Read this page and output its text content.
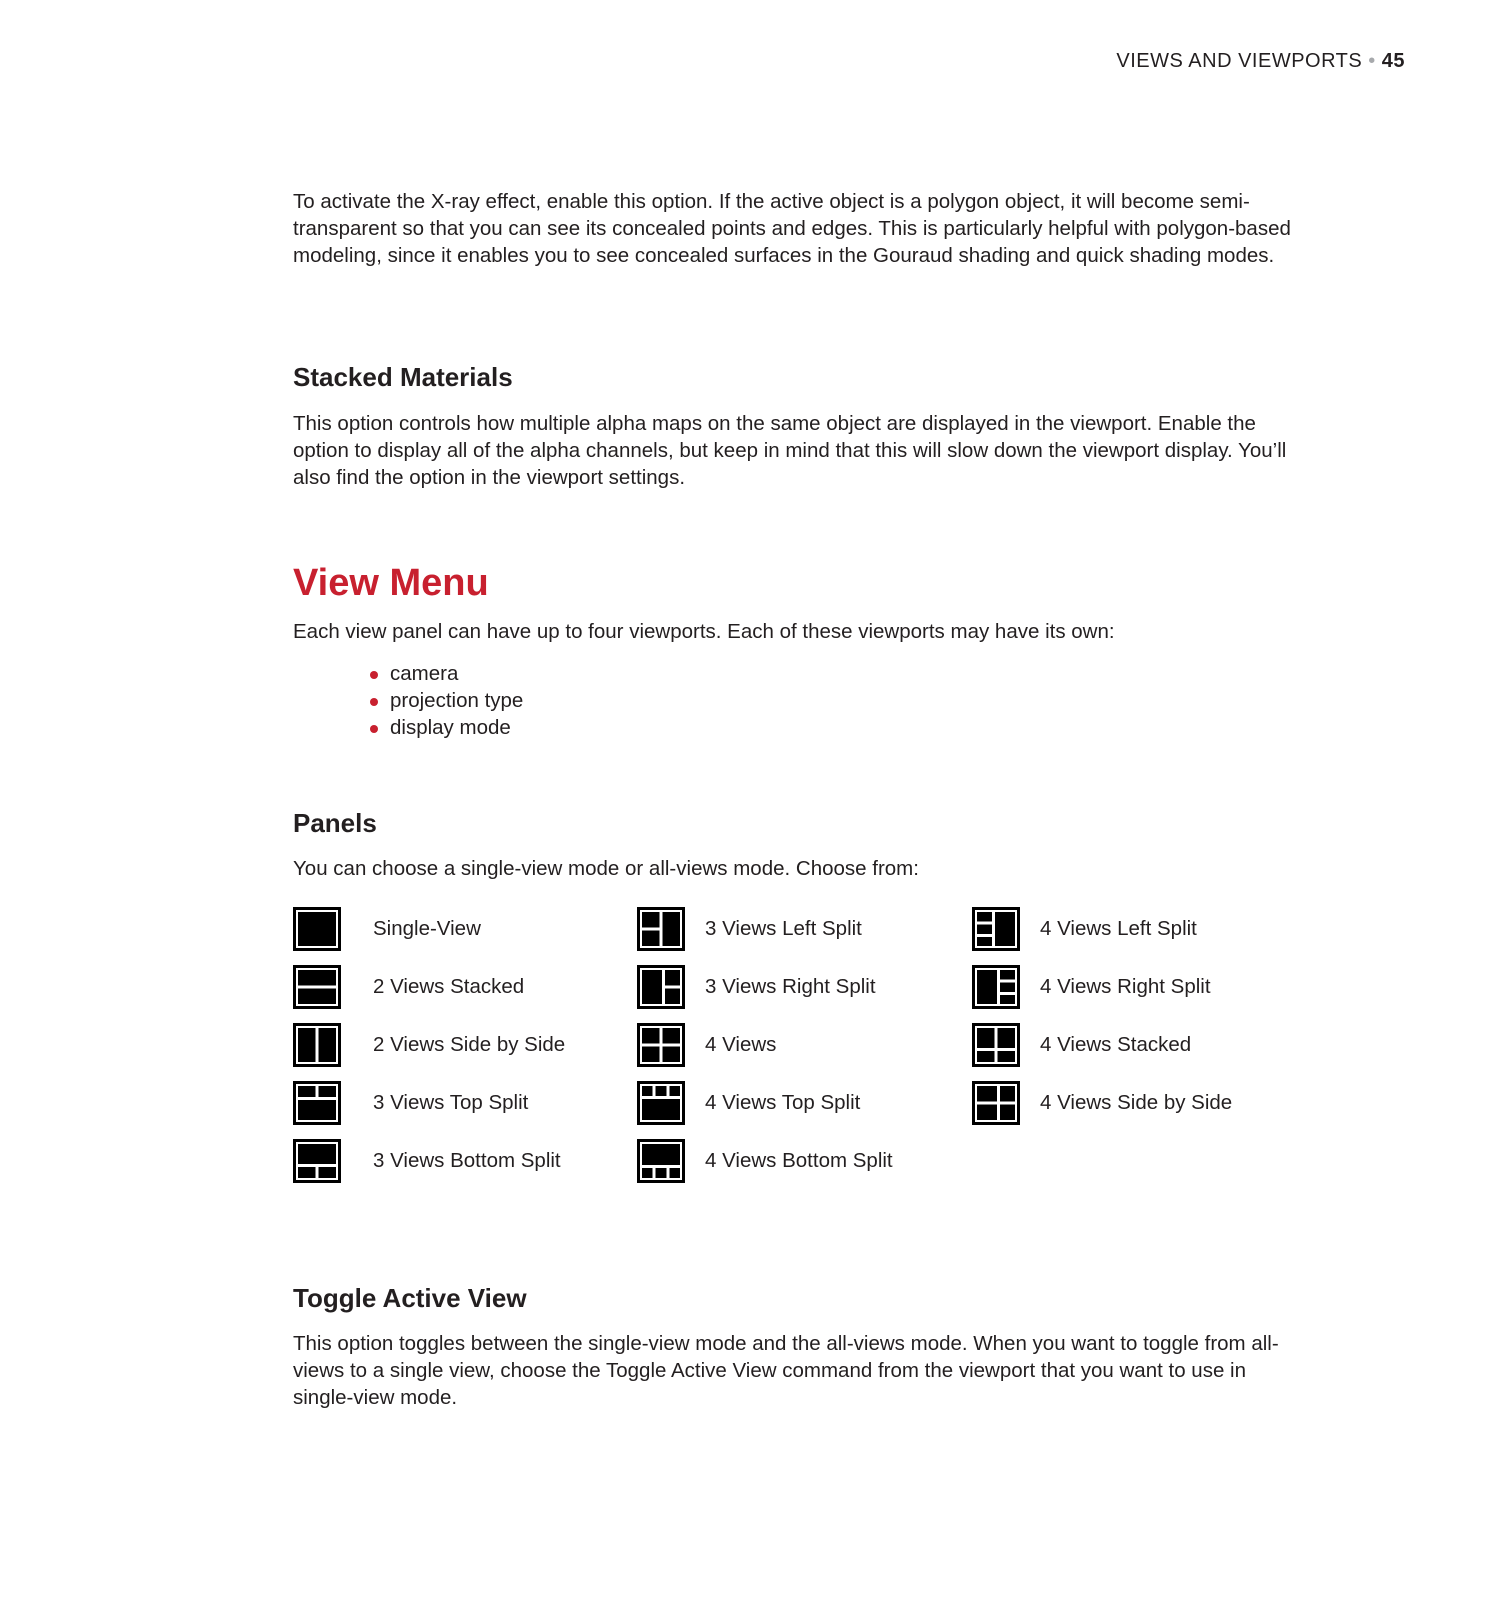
VIEWS AND VIEWPORTS • 45

To activate the X-ray effect, enable this option. If the active object is a polygon object, it will become semi-transparent so that you can see its concealed points and edges. This is particularly helpful with polygon-based modeling, since it enables you to see concealed surfaces in the Gouraud shading and quick shading modes.

Stacked Materials

This option controls how multiple alpha maps on the same object are displayed in the viewport. Enable the option to display all of the alpha channels, but keep in mind that this will slow down the viewport display. You’ll also find the option in the viewport settings.

View Menu

Each view panel can have up to four viewports. Each of these viewports may have its own:

camera
projection type
display mode
Panels

You can choose a single-view mode or all-views mode. Choose from:

Single-View
2 Views Stacked
2 Views Side by Side
3 Views Top Split
3 Views Bottom Split
3 Views Left Split
3 Views Right Split
4 Views
4 Views Top Split
4 Views Bottom Split
4 Views Left Split
4 Views Right Split
4 Views Stacked
4 Views Side by Side
Toggle Active View

This option toggles between the single-view mode and the all-views mode. When you want to toggle from all-views to a single view, choose the Toggle Active View command from the viewport that you want to use in single-view mode.
